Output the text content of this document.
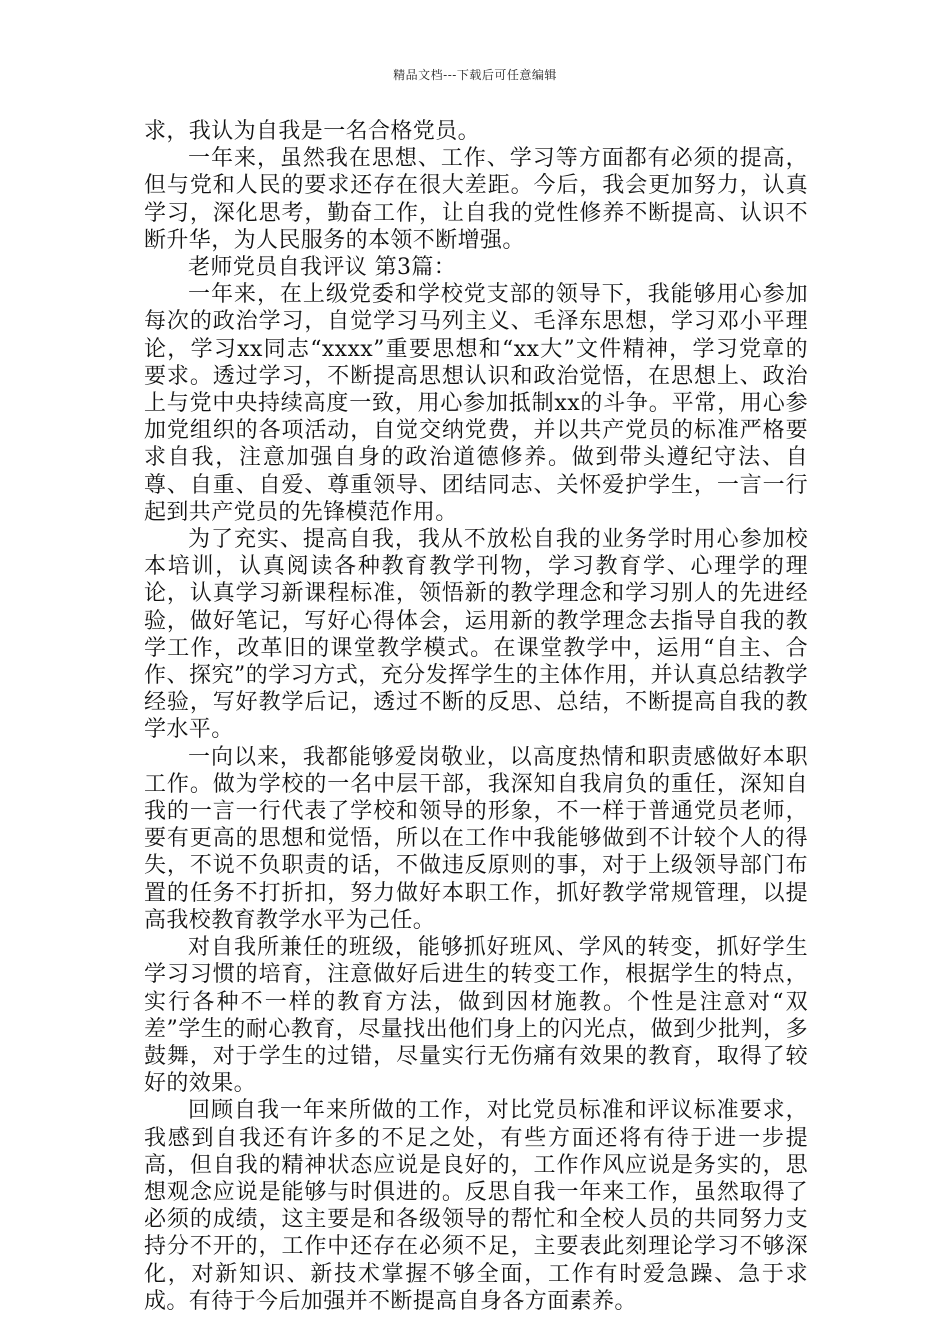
精品文档---下载后可任意编辑

求，我认为自我是一名合格党员。

一年来，虽然我在思想、工作、学习等方面都有必须的提高，但与党和人民的要求还存在很大差距。今后，我会更加努力，认真学习，深化思考，勤奋工作，让自我的党性修养不断提高、认识不断升华，为人民服务的本领不断增强。

老师党员自我评议 第3篇：

一年来，在上级党委和学校党支部的领导下，我能够用心参加每次的政治学习，自觉学习马列主义、毛泽东思想，学习邓小平理论，学习xx同志“xxxx”重要思想和“xx大”文件精神，学习党章的要求。透过学习，不断提高思想认识和政治觉悟，在思想上、政治上与党中央持续高度一致，用心参加抵制xx的斗争。平常，用心参加党组织的各项活动，自觉交纳党费，并以共产党员的标准严格要求自我，注意加强自身的政治道德修养。做到带头遵纪守法、自尊、自重、自爱、尊重领导、团结同志、关怀爱护学生，一言一行起到共产党员的先锋模范作用。

为了充实、提高自我，我从不放松自我的业务学时用心参加校本培训，认真阅读各种教育教学刊物，学习教育学、心理学的理论，认真学习新课程标准，领悟新的教学理念和学习别人的先进经验，做好笔记，写好心得体会，运用新的教学理念去指导自我的教学工作，改革旧的课堂教学模式。在课堂教学中，运用“自主、合作、探究”的学习方式，充分发挥学生的主体作用，并认真总结教学经验，写好教学后记，透过不断的反思、总结，不断提高自我的教学水平。

一向以来，我都能够爱岗敬业，以高度热情和职责感做好本职工作。做为学校的一名中层干部，我深知自我肩负的重任，深知自我的一言一行代表了学校和领导的形象，不一样于普通党员老师，要有更高的思想和觉悟，所以在工作中我能够做到不计较个人的得失，不说不负职责的话，不做违反原则的事，对于上级领导部门布置的任务不打折扣，努力做好本职工作，抓好教学常规管理，以提高我校教育教学水平为己任。

对自我所兼任的班级，能够抓好班风、学风的转变，抓好学生学习习惯的培育，注意做好后进生的转变工作，根据学生的特点，实行各种不一样的教育方法，做到因材施教。个性是注意对“双差”学生的耐心教育，尽量找出他们身上的闪光点，做到少批判，多鼓舞，对于学生的过错，尽量实行无伤痛有效果的教育，取得了较好的效果。

回顾自我一年来所做的工作，对比党员标准和评议标准要求，我感到自我还有许多的不足之处，有些方面还将有待于进一步提高，但自我的精神状态应说是良好的，工作作风应说是务实的，思想观念应说是能够与时俱进的。反思自我一年来工作，虽然取得了必须的成绩，这主要是和各级领导的帮忙和全校人员的共同努力支持分不开的，工作中还存在必须不足，主要表此刻理论学习不够深化，对新知识、新技术掌握不够全面，工作有时爱急躁、急于求成。有待于今后加强并不断提高自身各方面素养。
